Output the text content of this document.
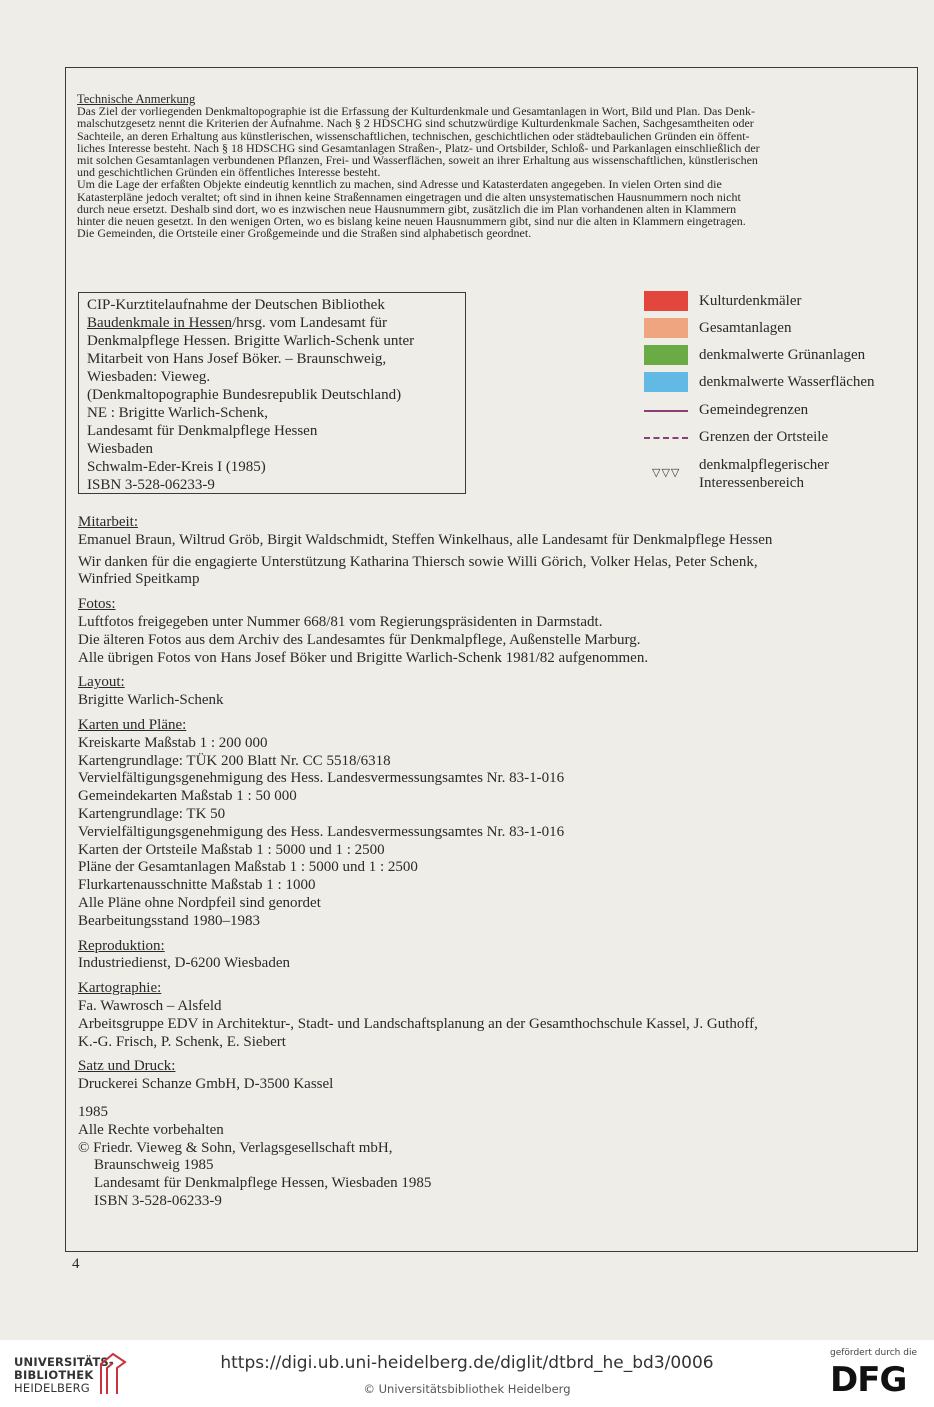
Technische Anmerkung

Das Ziel der vorliegenden Denkmaltopographie ist die Erfassung der Kulturdenkmale und Gesamtanlagen in Wort, Bild und Plan. Das Denk-

malschutzgesetz nennt die Kriterien der Aufnahme. Nach § 2 HDSCHG sind schutzwürdige Kulturdenkmale Sachen, Sachgesamtheiten oder

Sachteile, an deren Erhaltung aus künstlerischen, wissenschaftlichen, technischen, geschichtlichen oder städtebaulichen Gründen ein öffent-

liches Interesse besteht. Nach § 18 HDSCHG sind Gesamtanlagen Straßen-, Platz- und Ortsbilder, Schloß- und Parkanlagen einschließlich der

mit solchen Gesamtanlagen verbundenen Pflanzen, Frei- und Wasserflächen, soweit an ihrer Erhaltung aus wissenschaftlichen, künstlerischen

und geschichtlichen Gründen ein öffentliches Interesse besteht.

Um die Lage der erfaßten Objekte eindeutig kenntlich zu machen, sind Adresse und Katasterdaten angegeben. In vielen Orten sind die

Katasterpläne jedoch veraltet; oft sind in ihnen keine Straßennamen eingetragen und die alten unsystematischen Hausnummern noch nicht

durch neue ersetzt. Deshalb sind dort, wo es inzwischen neue Hausnummern gibt, zusätzlich die im Plan vorhandenen alten in Klammern

hinter die neuen gesetzt. In den wenigen Orten, wo es bislang keine neuen Hausnummern gibt, sind nur die alten in Klammern eingetragen.

Die Gemeinden, die Ortsteile einer Großgemeinde und die Straßen sind alphabetisch geordnet.

CIP-Kurztitelaufnahme der Deutschen Bibliothek
Baudenkmale in Hessen/hrsg. vom Landesamt für
Denkmalpflege Hessen. Brigitte Warlich-Schenk unter
Mitarbeit von Hans Josef Böker. – Braunschweig,
Wiesbaden: Vieweg.
(Denkmaltopographie Bundesrepublik Deutschland)
NE : Brigitte Warlich-Schenk,
Landesamt für Denkmalpflege Hessen
Wiesbaden
Schwalm-Eder-Kreis I (1985)
ISBN 3-528-06233-9
Kulturdenkmäler
Gesamtanlagen
denkmalwerte Grünanlagen
denkmalwerte Wasserflächen
Gemeindegrenzen
Grenzen der Ortsteile
▽▽▽ denkmalpflegerischer
Interessenbereich
Mitarbeit:
Emanuel Braun, Wiltrud Gröb, Birgit Waldschmidt, Steffen Winkelhaus, alle Landesamt für Denkmalpflege Hessen
Wir danken für die engagierte Unterstützung Katharina Thiersch sowie Willi Görich, Volker Helas, Peter Schenk,
Winfried Speitkamp
Fotos:
Luftfotos freigegeben unter Nummer 668/81 vom Regierungspräsidenten in Darmstadt.
Die älteren Fotos aus dem Archiv des Landesamtes für Denkmalpflege, Außenstelle Marburg.
Alle übrigen Fotos von Hans Josef Böker und Brigitte Warlich-Schenk 1981/82 aufgenommen.
Layout:
Brigitte Warlich-Schenk
Karten und Pläne:
Kreiskarte Maßstab 1 : 200 000
Kartengrundlage: TÜK 200 Blatt Nr. CC 5518/6318
Vervielfältigungsgenehmigung des Hess. Landesvermessungsamtes Nr. 83-1-016
Gemeindekarten Maßstab 1 : 50 000
Kartengrundlage: TK 50
Vervielfältigungsgenehmigung des Hess. Landesvermessungsamtes Nr. 83-1-016
Karten der Ortsteile Maßstab 1 : 5000 und 1 : 2500
Pläne der Gesamtanlagen Maßstab 1 : 5000 und 1 : 2500
Flurkartenausschnitte Maßstab 1 : 1000
Alle Pläne ohne Nordpfeil sind genordet
Bearbeitungsstand 1980–1983
Reproduktion:
Industriedienst, D-6200 Wiesbaden
Kartographie:
Fa. Wawrosch – Alsfeld
Arbeitsgruppe EDV in Architektur-, Stadt- und Landschaftsplanung an der Gesamthochschule Kassel, J. Guthoff,
K.-G. Frisch, P. Schenk, E. Siebert
Satz und Druck:
Druckerei Schanze GmbH, D-3500 Kassel
1985
Alle Rechte vorbehalten
© Friedr. Vieweg & Sohn, Verlagsgesellschaft mbH,
Braunschweig 1985
Landesamt für Denkmalpflege Hessen, Wiesbaden 1985
ISBN 3-528-06233-9
4
UNIVERSITÄTS-
BIBLIOTHEK
HEIDELBERG
https://digi.ub.uni-heidelberg.de/diglit/dtbrd_he_bd3/0006
© Universitätsbibliothek Heidelberg
gefördert durch die
DFG
